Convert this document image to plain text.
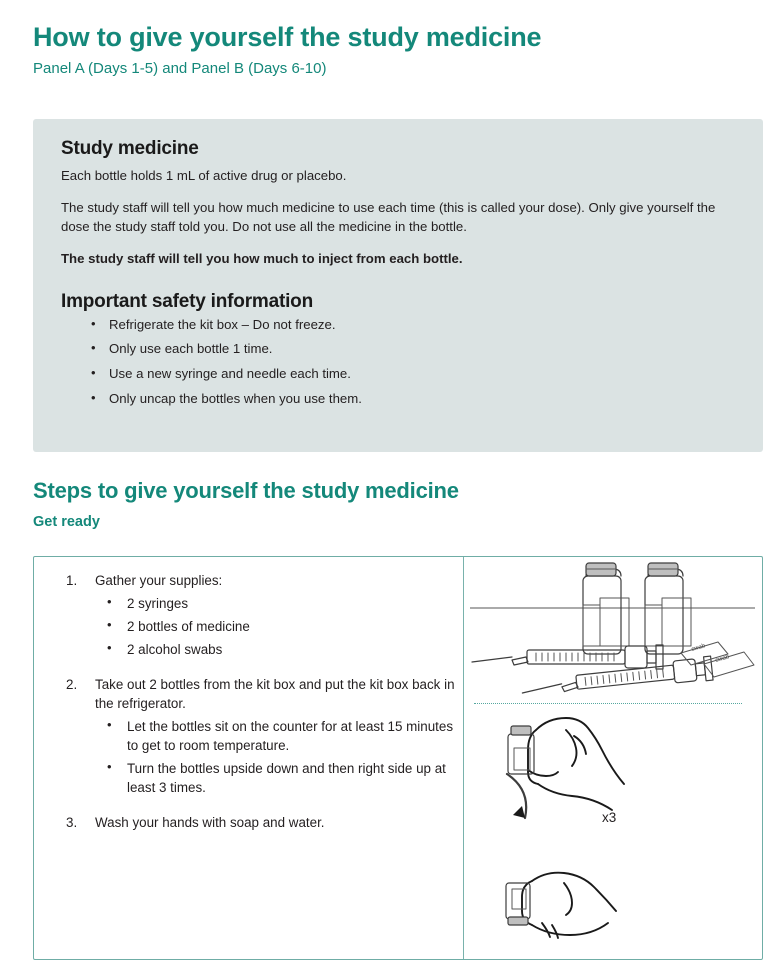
How to give yourself the study medicine

Panel A (Days 1-5) and Panel B (Days 6-10)

Study medicine

Each bottle holds 1 mL of active drug or placebo.

The study staff will tell you how much medicine to use each time (this is called your dose). Only give yourself the dose the study staff told you. Do not use all the medicine in the bottle.

The study staff will tell you how much to inject from each bottle.

Important safety information
• Refrigerate the kit box – Do not freeze.
• Only use each bottle 1 time.
• Use a new syringe and needle each time.
• Only uncap the bottles when you use them.
Steps to give yourself the study medicine
Get ready
Gather your supplies:
• 2 syringes
• 2 bottles of medicine
• 2 alcohol swabs
Take out 2 bottles from the kit box and put the kit box back in the refrigerator.
• Let the bottles sit on the counter for at least 15 minutes to get to room temperature.
• Turn the bottles upside down and then right side up at least 3 times.
Wash your hands with soap and water.
swab
swab
x3
